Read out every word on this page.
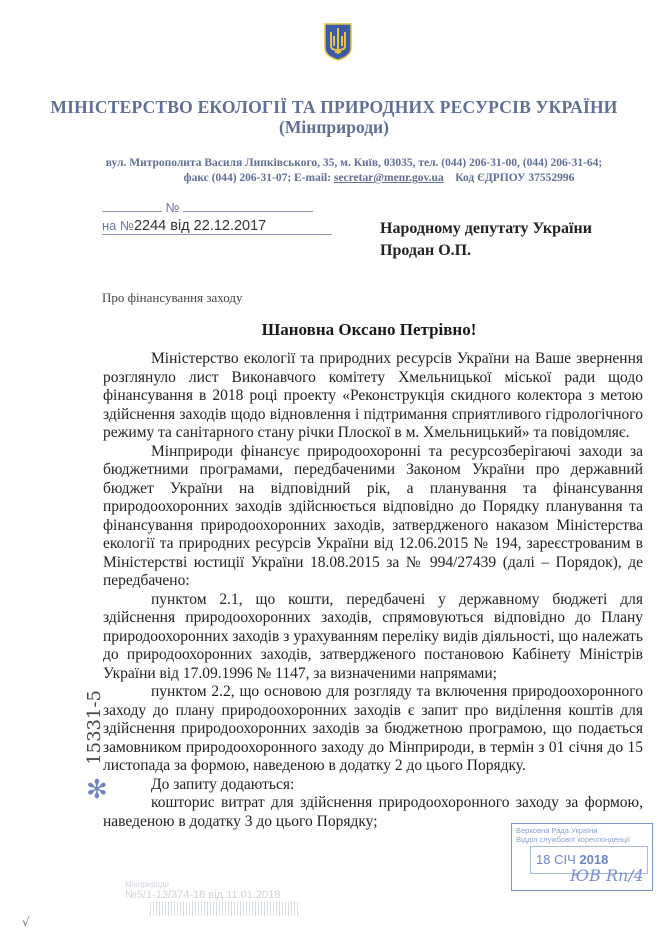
МІНІСТЕРСТВО ЕКОЛОГІЇ ТА ПРИРОДНИХ РЕСУРСІВ УКРАЇНИ
(Мінприроди)
вул. Митрополита Василя Липківського, 35, м. Київ, 03035, тел. (044) 206-31-00, (044) 206-31-64;
факс (044) 206-31-07; E-mail: secretar@menr.gov.ua Код ЄДРПОУ 37552996
№
на №2244 від 22.12.2017	Народному депутату України
Продан О.П.
Про фінансування заходу
Шановна Оксано Петрівно!

Міністерство екології та природних ресурсів України на Ваше звернення розглянуло лист Виконавчого комітету Хмельницької міської ради щодо фінансування в 2018 році проекту «Реконструкція скидного колектора з метою здійснення заходів щодо відновлення і підтримання сприятливого гідрологічного режиму та санітарного стану річки Плоскої в м. Хмельницький» та повідомляє.

Мінприроди фінансує природоохоронні та ресурсозберігаючі заходи за бюджетними програмами, передбаченими Законом України про державний бюджет України на відповідний рік, а планування та фінансування природоохоронних заходів здійснюється відповідно до Порядку планування та фінансування природоохоронних заходів, затвердженого наказом Міністерства екології та природних ресурсів України від 12.06.2015 № 194, зареєстрованим в Міністерстві юстиції України 18.08.2015 за № 994/27439 (далі – Порядок), де передбачено:

пунктом 2.1, що кошти, передбачені у державному бюджеті для здійснення природоохоронних заходів, спрямовуються відповідно до Плану природоохоронних заходів з урахуванням переліку видів діяльності, що належать до природоохоронних заходів, затвердженого постановою Кабінету Міністрів України від 17.09.1996 № 1147, за визначеними напрямами;

пунктом 2.2, що основою для розгляду та включення природоохоронного заходу до плану природоохоронних заходів є запит про виділення коштів для здійснення природоохоронних заходів за бюджетною програмою, що подається замовником природоохоронного заходу до Мінприроди, в термін з 01 січня до 15 листопада за формою, наведеною в додатку 2 до цього Порядку.

До запиту додаються:

кошторис витрат для здійснення природоохоронного заходу за формою, наведеною в додатку 3 до цього Порядку;

15331-5
✻
Верховна Рада України
Відділ службової кореспонденції
18 СІЧ 2018
ЮВ Rn/4
Мінприроди
№5/1-13/374-18 від 11.01.2018
√
